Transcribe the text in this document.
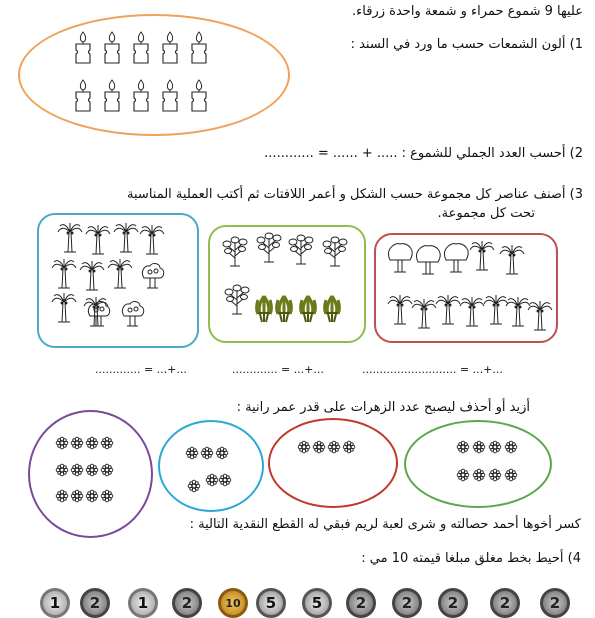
عليها 9 شموع حمراء و شمعة واحدة زرقاء.
1) ألون الشمعات حسب ما ورد في السند :
2) أحسب العدد الجملي للشموع : ..... + ...... = ............
3) أصنف عناصر كل مجموعة حسب الشكل و أعمر اللافتات ثم أكتب العملية المناسبة
تحت كل مجموعة.
أزيد أو أحذف ليصبح عدد الزهرات على قدر عمر رانية :
كسر أخوها أحمد حصالته و شرى لعبة لريم فبقي له القطع النقدية التالية :
4) أحيط بخط مغلق مبلغا قيمته 10 مي :
............. = ...+...	............. = ...+...	........................... = ...+...
1	2	1	2	10	5	5	2	2	2	2	2
